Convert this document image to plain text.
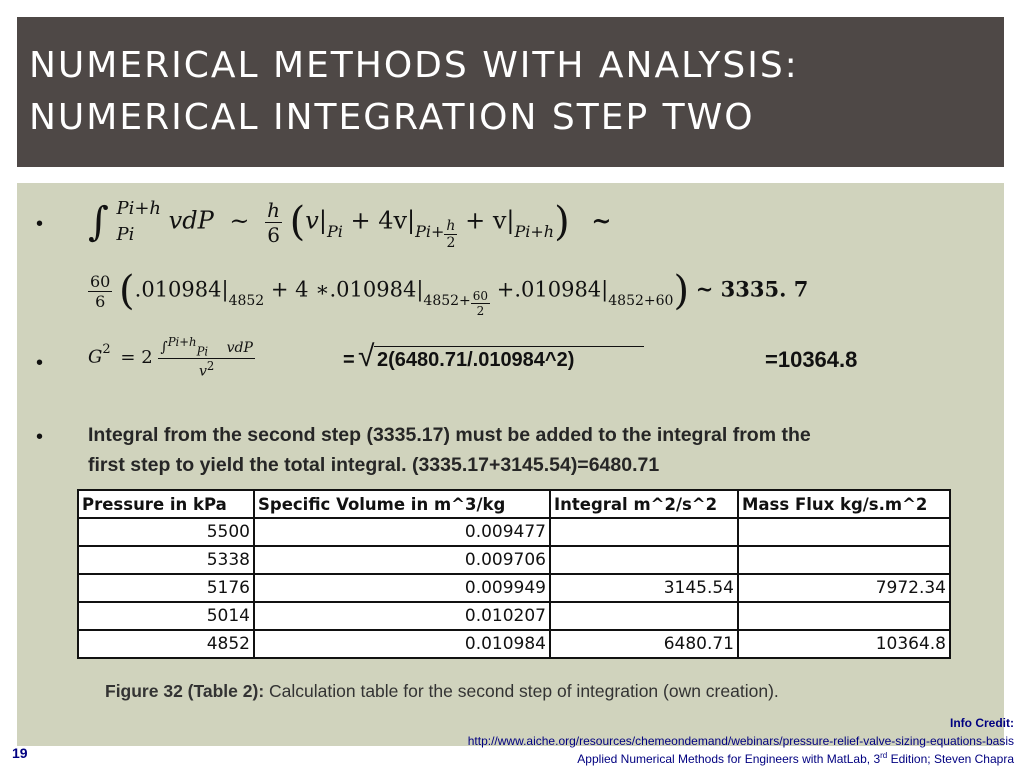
NUMERICAL METHODS WITH ANALYSIS:
NUMERICAL INTEGRATION STEP TWO
• ∫ Pi+h
Pi	vdP ~ $\frac{h}{6} (v|_{Pi} + 4v|_{Pi+} \frac{h}{2} + v|_{Pi+h})$ ~
$\frac{60}{6} (.010984|_{4852} + 4$ $∗.010984|_{4852+} \frac{60}{2} +.010984|_{4852+60}$) ~ 3335. 7
• $G^2 = 2 \frac{\int^{Pi+h}_{Pi} vdP}{v^2}$	= √ 2(6480.71/.010984^2)	=10364.8
• Integral from the second step (3335.17) must be added to the integral from the
first step to yield the total integral. (3335.17+3145.54)=6480.71
Pressure in kPa	Specific Volume in m^3/kg	Integral m^2/s^2	Mass Flux kg/s.m^2
5500	0.009477		
5338	0.009706		
5176	0.009949	3145.54	7972.34
5014	0.010207		
4852	0.010984	6480.71	10364.8
Figure 32 (Table 2): Calculation table for the second step of integration (own creation).
Info Credit:
http://www.aiche.org/resources/chemeondemand/webinars/pressure-relief-valve-sizing-equations-basis
Applied Numerical Methods for Engineers with MatLab, 3rd Edition; Steven Chapra
19
